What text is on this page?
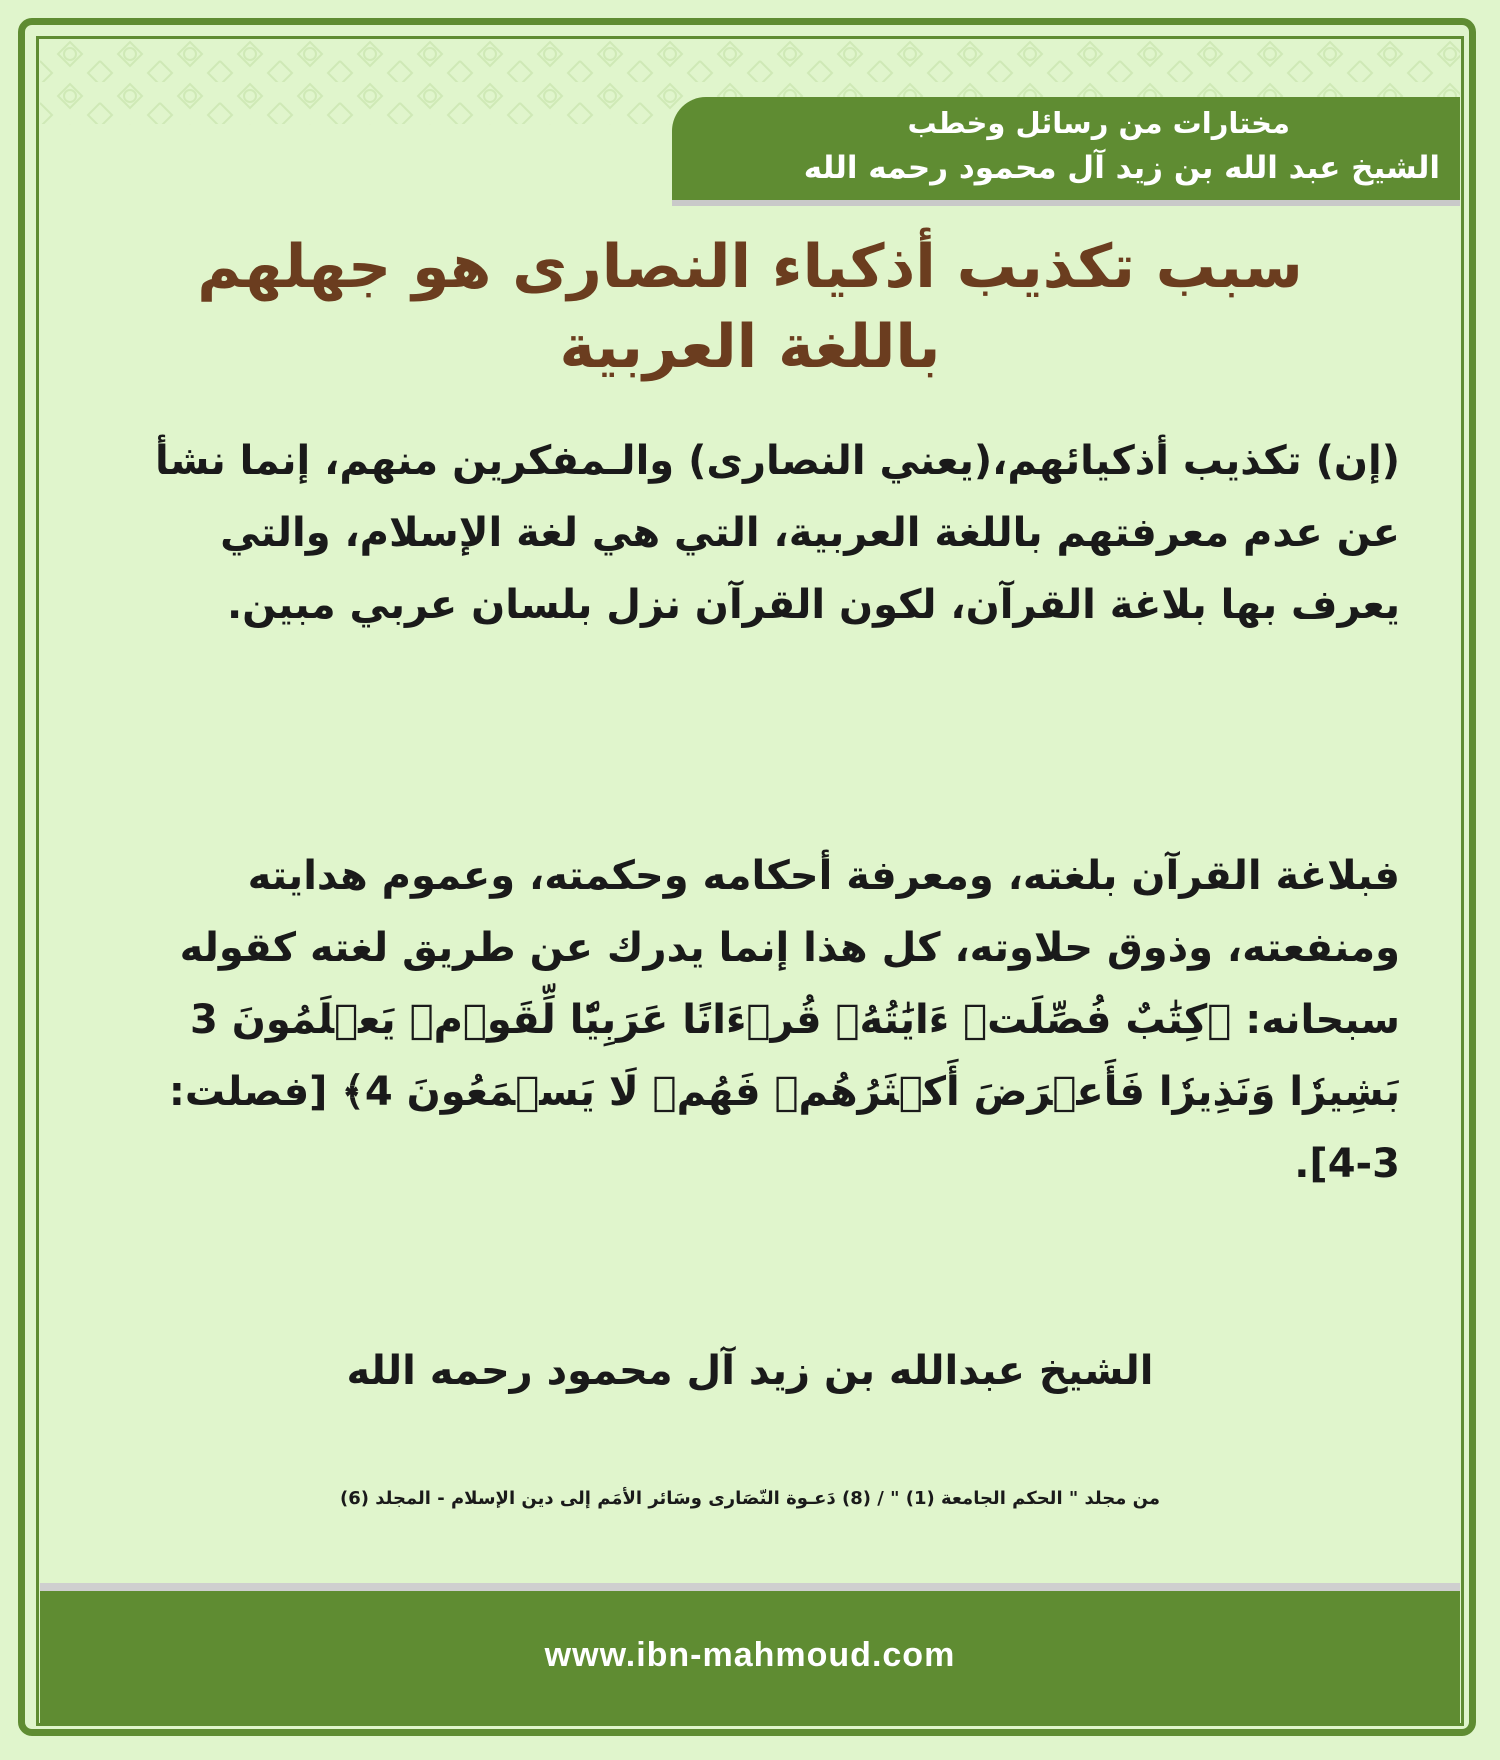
مختارات من رسائل وخطب

الشيخ عبد الله بن زيد آل محمود رحمه الله

سبب تكذيب أذكياء النصارى هو جهلهم
باللغة العربية

(إن) تكذيب أذكيائهم،(يعني النصارى) والـمفكرين منهم، إنما نشأ عن عدم معرفتهم باللغة العربية، التي هي لغة الإسلام، والتي يعرف بها بلاغة القرآن، لكون القرآن نزل بلسان عربي مبين.

فبلاغة القرآن بلغته، ومعرفة أحكامه وحكمته، وعموم هدايته ومنفعته، وذوق حلاوته، كل هذا إنما يدرك عن طريق لغته كقوله سبحانه: ﴿كِتَٰبٌ فُصِّلَتۡ ءَايَٰتُهُۥ قُرۡءَانًا عَرَبِيّٗا لِّقَوۡمٖ يَعۡلَمُونَ 3 بَشِيرٗا وَنَذِيرٗا فَأَعۡرَضَ أَكۡثَرُهُمۡ فَهُمۡ لَا يَسۡمَعُونَ 4﴾ [فصلت: 3-4].

الشيخ عبدالله بن زيد آل محمود رحمه الله

من مجلد " الحكم الجامعة (1) " / (8) دَعـوة النّصَارى وسَائر الأمَم إلى دين الإسلام - المجلد (6)

www.ibn-mahmoud.com
